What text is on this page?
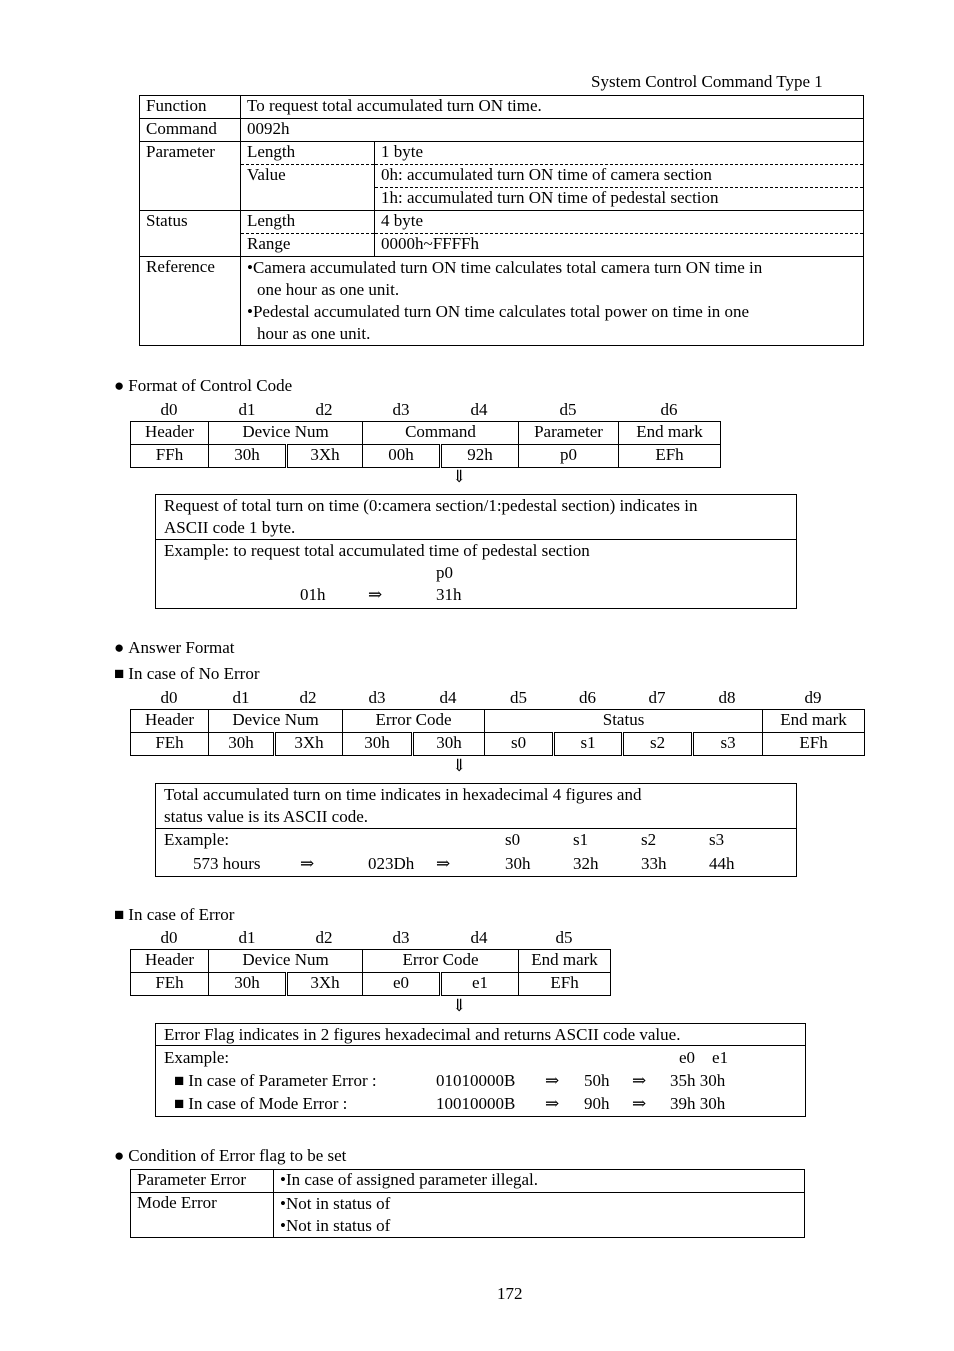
System Control Command Type 1
Function	To request total accumulated turn ON time.	
Command	0092h	
Parameter	Length	1 byte
	Value	0h: accumulated turn ON time of camera section
		1h: accumulated turn ON time of pedestal section
Status	Length	4 byte
	Range	0000h~FFFFh
Reference	•Camera accumulated turn ON time calculates total camera turn ON time in
one hour as one unit.
•Pedestal accumulated turn ON time calculates total power on time in one
hour as one unit.	
● Format of Control Code
d0	d1	d2	d3	d4	d5	d6
Header	Device Num		Command		Parameter	End mark
FFh	30h	3Xh	00h	92h	p0	EFh
⇓
Request of total turn on time (0:camera section/1:pedestal section) indicates in
ASCII code 1 byte.
Example: to request total accumulated time of pedestal section
p0
01h	⇒	31h
● Answer Format
■ In case of No Error
d0	d1	d2	d3	d4	d5	d6	d7	d8	d9
Header	Device Num		Error Code		Status				End mark
FEh	30h	3Xh	30h	30h	s0	s1	s2	s3	EFh
⇓
Total accumulated turn on time indicates in hexadecimal 4 figures and
status value is its ASCII code.
Example:	s0	s1	s2	s3
573 hours ⇒	023Dh ⇒	30h	32h	33h	44h
■ In case of Error
d0	d1	d2	d3	d4	d5
Header	Device Num		Error Code		End mark
FEh	30h	3Xh	e0	e1	EFh
⇓
Error Flag indicates in 2 figures hexadecimal and returns ASCII code value.
Example:	e0    e1
■ In case of Parameter Error :	01010000B ⇒ 50h ⇒ 35h 30h
■ In case of Mode Error :	10010000B ⇒ 90h ⇒ 39h 30h
● Condition of Error flag to be set
Parameter Error	•In case of assigned parameter illegal.
Mode Error	•Not in status of
•Not in status of
172
